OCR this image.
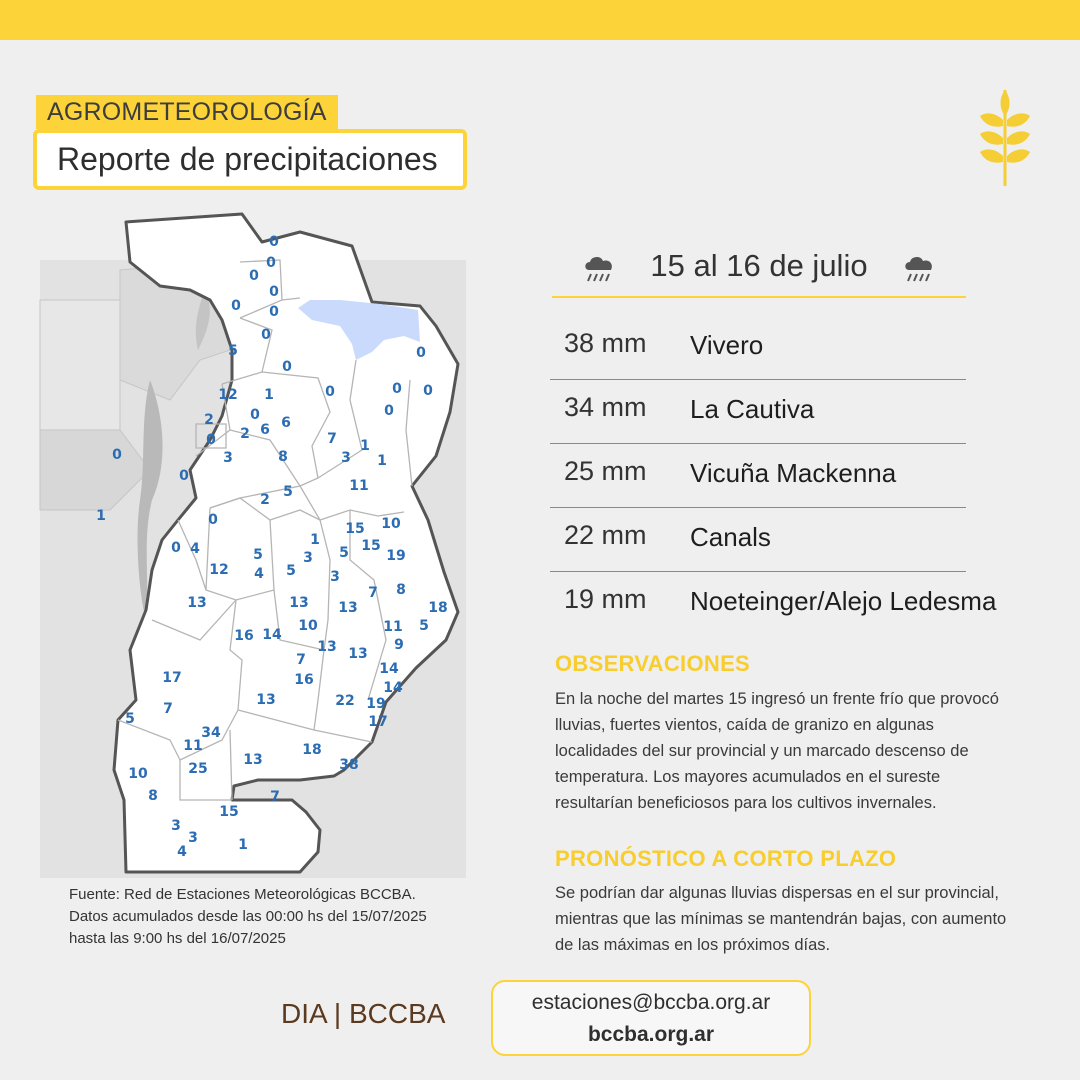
AGROMETEOROLOGÍA
Reporte de precipitaciones
0
0
0
0
0 0
0
5
0
0	0
0
0
12 1
0
2	0
2 6 6
7 1
3 1
0
3	8
11
2 5
0
0
15 10
1	15
5
3	19
5
4
4 5 3
12
7 8
13	13 13	18
11
9
5
16 14
10
13 13
7
16
14
13
14
22 19
17
7
5
17
34
11
25
13
18
38
10
8	7
15
3
3
4	1
1
0
0
Fuente: Red de Estaciones Meteorológicas BCCBA.
Datos acumulados desde las 00:00 hs del 15/07/2025
hasta las 9:00 hs del 16/07/2025
15 al 16 de julio
38 mm Vivero
34 mm La Cautiva
25 mm Vicuña Mackenna
22 mm Canals
19 mm Noeteinger/Alejo Ledesma
OBSERVACIONES
En la noche del martes 15 ingresó un frente frío que provocó
lluvias, fuertes vientos, caída de granizo en algunas
localidades del sur provincial y un marcado descenso de
temperatura. Los mayores acumulados en el sureste
resultarían beneficiosos para los cultivos invernales.
PRONÓSTICO A CORTO PLAZO
Se podrían dar algunas lluvias dispersas en el sur provincial,
mientras que las mínimas se mantendrán bajas, con aumento
de las máximas en los próximos días.
DIA | BCCBA	estaciones@bccba.org.ar
bccba.org.ar
